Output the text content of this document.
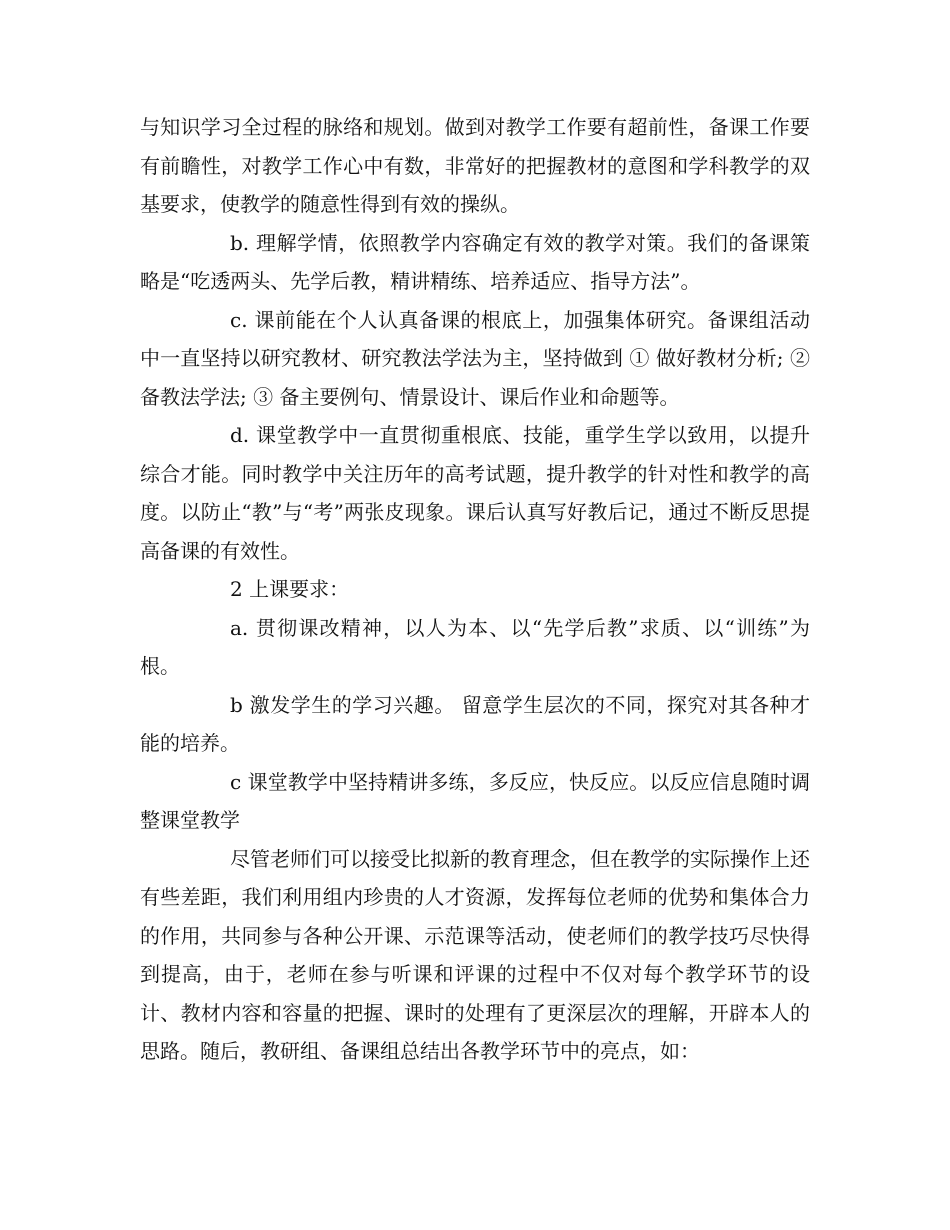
与知识学习全过程的脉络和规划。做到对教学工作要有超前性，备课工作要有前瞻性，对教学工作心中有数，非常好的把握教材的意图和学科教学的双基要求，使教学的随意性得到有效的操纵。

b. 理解学情，依照教学内容确定有效的教学对策。我们的备课策略是“吃透两头、先学后教，精讲精练、培养适应、指导方法”。

c. 课前能在个人认真备课的根底上，加强集体研究。备课组活动中一直坚持以研究教材、研究教法学法为主，坚持做到 ① 做好教材分析; ② 备教法学法; ③ 备主要例句、情景设计、课后作业和命题等。

d. 课堂教学中一直贯彻重根底、技能，重学生学以致用，以提升综合才能。同时教学中关注历年的高考试题，提升教学的针对性和教学的高度。以防止“教”与“考”两张皮现象。课后认真写好教后记，通过不断反思提高备课的有效性。

2 上课要求：

a. 贯彻课改精神，以人为本、以“先学后教”求质、以“训练”为根。

b 激发学生的学习兴趣。 留意学生层次的不同，探究对其各种才能的培养。

c 课堂教学中坚持精讲多练，多反应，快反应。以反应信息随时调整课堂教学

尽管老师们可以接受比拟新的教育理念，但在教学的实际操作上还有些差距，我们利用组内珍贵的人才资源，发挥每位老师的优势和集体合力的作用，共同参与各种公开课、示范课等活动，使老师们的教学技巧尽快得到提高，由于，老师在参与听课和评课的过程中不仅对每个教学环节的设计、教材内容和容量的把握、课时的处理有了更深层次的理解，开辟本人的思路。随后，教研组、备课组总结出各教学环节中的亮点，如：
